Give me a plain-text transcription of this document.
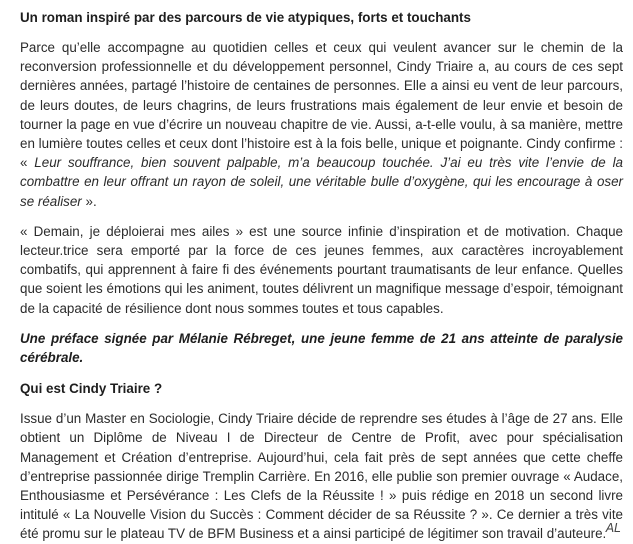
Un roman inspiré par des parcours de vie atypiques, forts et touchants

Parce qu’elle accompagne au quotidien celles et ceux qui veulent avancer sur le chemin de la reconversion professionnelle et du développement personnel, Cindy Triaire a, au cours de ces sept dernières années, partagé l’histoire de centaines de personnes. Elle a ainsi eu vent de leur parcours, de leurs doutes, de leurs chagrins, de leurs frustrations mais également de leur envie et besoin de tourner la page en vue d’écrire un nouveau chapitre de vie. Aussi, a-t-elle voulu, à sa manière, mettre en lumière toutes celles et ceux dont l’histoire est à la fois belle, unique et poignante. Cindy confirme : « Leur souffrance, bien souvent palpable, m’a beaucoup touchée. J’ai eu très vite l’envie de la combattre en leur offrant un rayon de soleil, une véritable bulle d’oxygène, qui les encourage à oser se réaliser ».

« Demain, je déploierai mes ailes » est une source infinie d’inspiration et de motivation. Chaque lecteur.trice sera emporté par la force de ces jeunes femmes, aux caractères incroyablement combatifs, qui apprennent à faire fi des événements pourtant traumatisants de leur enfance. Quelles que soient les émotions qui les animent, toutes délivrent un magnifique message d’espoir, témoignant de la capacité de résilience dont nous sommes toutes et tous capables.

Une préface signée par Mélanie Rébreget, une jeune femme de 21 ans atteinte de paralysie cérébrale.

Qui est Cindy Triaire ?

Issue d’un Master en Sociologie, Cindy Triaire décide de reprendre ses études à l’âge de 27 ans. Elle obtient un Diplôme de Niveau I de Directeur de Centre de Profit, avec pour spécialisation Management et Création d’entreprise. Aujourd’hui, cela fait près de sept années que cette cheffe d’entreprise passionnée dirige Tremplin Carrière. En 2016, elle publie son premier ouvrage « Audace, Enthousiasme et Persévérance : Les Clefs de la Réussite ! » puis rédige en 2018 un second livre intitulé « La Nouvelle Vision du Succès : Comment décider de sa Réussite ? ». Ce dernier a très vite été promu sur le plateau TV de BFM Business et a ainsi participé de légitimer son travail d’auteure. AL
